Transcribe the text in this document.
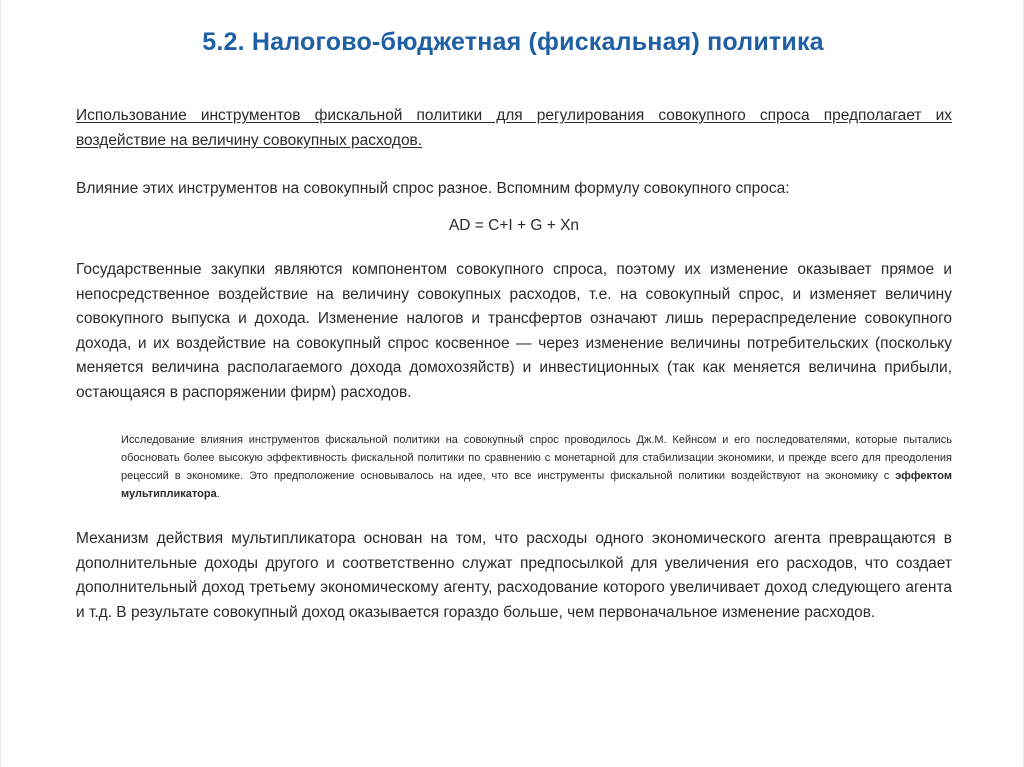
5.2. Налогово-бюджетная (фискальная) политика

Использование инструментов фискальной политики для регулирования совокупного спроса предполагает их воздействие на величину совокупных расходов.

Влияние этих инструментов на совокупный спрос разное. Вспомним формулу совокупного спроса:

AD = C+I + G + Xn

Государственные закупки являются компонентом совокупного спроса, поэтому их изменение оказывает прямое и непосредственное воздействие на величину совокупных расходов, т.е. на совокупный спрос, и изменяет величину совокупного выпуска и дохода. Изменение налогов и трансфертов означают лишь перераспределение совокупного дохода, и их воздействие на совокупный спрос косвенное — через изменение величины потребительских (поскольку меняется величина располагаемого дохода домохозяйств) и инвестиционных (так как меняется величина прибыли, остающаяся в распоряжении фирм) расходов.

Исследование влияния инструментов фискальной политики на совокупный спрос проводилось Дж.М. Кейнсом и его последователями, которые пытались обосновать более высокую эффективность фискальной политики по сравнению с монетарной для стабилизации экономики, и прежде всего для преодоления рецессий в экономике. Это предположение основывалось на идее, что все инструменты фискальной политики воздействуют на экономику с эффектом мультипликатора.

Механизм действия мультипликатора основан на том, что расходы одного экономического агента превращаются в дополнительные доходы другого и соответственно служат предпосылкой для увеличения его расходов, что создает дополнительный доход третьему экономическому агенту, расходование которого увеличивает доход следующего агента и т.д. В результате совокупный доход оказывается гораздо больше, чем первоначальное изменение расходов.
